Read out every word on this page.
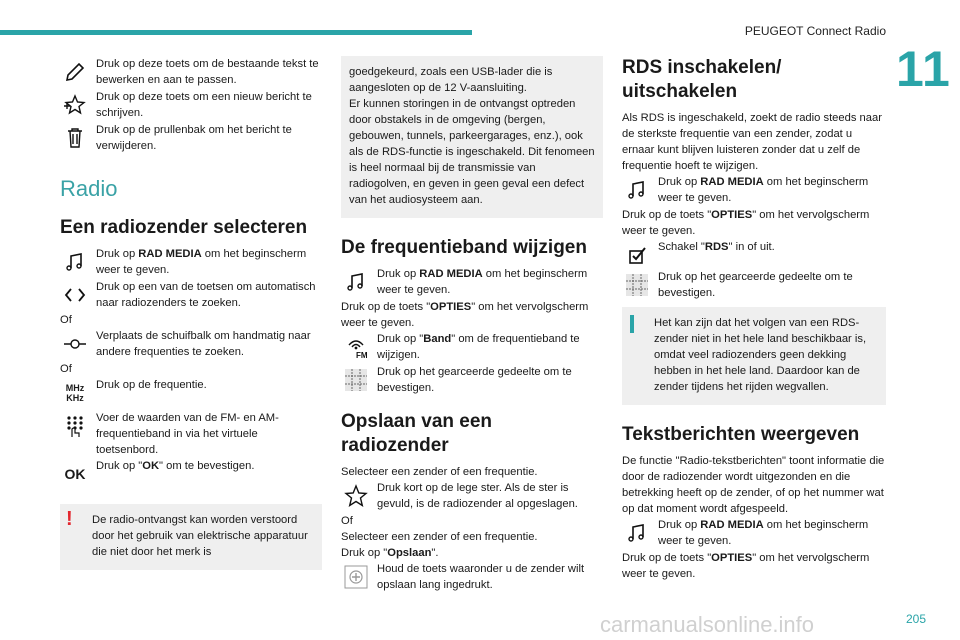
PEUGEOT Connect Radio
11
205
carmanualsonline.info
Druk op deze toets om de bestaande tekst te bewerken en aan te passen.
Druk op deze toets om een nieuw bericht te schrijven.
Druk op de prullenbak om het bericht te verwijderen.
Radio
Een radiozender selecteren
Druk op RAD MEDIA om het beginscherm weer te geven.
Druk op een van de toetsen om automatisch naar radiozenders te zoeken.
Of
Verplaats de schuifbalk om handmatig naar andere frequenties te zoeken.
Of
MHz
KHz
Druk op de frequentie.
Voer de waarden van de FM- en AM-frequentieband in via het virtuele toetsenbord.
OK Druk op "OK" om te bevestigen.
!	De radio-ontvangst kan worden verstoord door het gebruik van elektrische apparatuur die niet door het merk is
goedgekeurd, zoals een USB-lader die is aangesloten op de 12 V-aansluiting.
Er kunnen storingen in de ontvangst optreden door obstakels in de omgeving (bergen, gebouwen, tunnels, parkeergarages, enz.), ook als de RDS-functie is ingeschakeld. Dit fenomeen is heel normaal bij de transmissie van radiogolven, en geven in geen geval een defect van het audiosysteem aan.
De frequentieband wijzigen
Druk op RAD MEDIA om het beginscherm weer te geven.
Druk op de toets "OPTIES" om het vervolgscherm weer te geven.
FM
Druk op "Band" om de frequentieband te wijzigen.
Druk op het gearceerde gedeelte om te bevestigen.
Opslaan van een radiozender
Selecteer een zender of een frequentie.
Druk kort op de lege ster. Als de ster is gevuld, is de radiozender al opgeslagen.
Of
Selecteer een zender of een frequentie.
Druk op "Opslaan".
Houd de toets waaronder u de zender wilt opslaan lang ingedrukt.
RDS inschakelen/ uitschakelen
Als RDS is ingeschakeld, zoekt de radio steeds naar de sterkste frequentie van een zender, zodat u ernaar kunt blijven luisteren zonder dat u zelf de frequentie hoeft te wijzigen.
Druk op RAD MEDIA om het beginscherm weer te geven.
Druk op de toets "OPTIES" om het vervolgscherm weer te geven.
Schakel "RDS" in of uit.
Druk op het gearceerde gedeelte om te bevestigen.
Het kan zijn dat het volgen van een RDS-zender niet in het hele land beschikbaar is, omdat veel radiozenders geen dekking hebben in het hele land. Daardoor kan de zender tijdens het rijden wegvallen.
Tekstberichten weergeven
De functie "Radio-tekstberichten" toont informatie die door de radiozender wordt uitgezonden en die betrekking heeft op de zender, of op het nummer wat op dat moment wordt afgespeeld.
Druk op RAD MEDIA om het beginscherm weer te geven.
Druk op de toets "OPTIES" om het vervolgscherm weer te geven.
